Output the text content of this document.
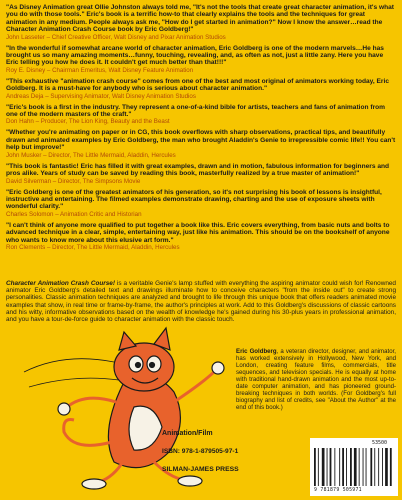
"As Disney Animation great Ollie Johnston always told me, "It's not the tools that create great character animation, it's what you do with those tools." Eric's book is a terrific how-to that clearly explains the tools and the techniques for great animation in any medium. People always ask me, "How do I get started in animation?" Now I know the answer…read the Character Animation Crash Course book by Eric Goldberg!"

John Lasseter – Chief Creative Officer, Walt Disney and Pixar Animation Studios

"In the wonderful if somewhat arcane world of character animation, Eric Goldberg is one of the modern marvels…He has brought us so many amazing moments…funny, touching, revealing, and, as often as not, just a little zany. Here you have Eric telling you how he does it. It couldn't get much better than that!!!"

Roy E. Disney – Chairman Emeritus, Walt Disney Feature Animation

"This exhaustive "animation crash course" comes from one of the best and most original of animators working today, Eric Goldberg. It is a must-have for anybody who is serious about character animation."

Andreas Deja – Supervising Animator, Walt Disney Animation Studios

"Eric's book is a first in the industry. They represent a one-of-a-kind bible for artists, teachers and fans of animation from one of the modern masters of the craft."

Don Hahn – Producer, The Lion King, Beauty and the Beast

"Whether you're animating on paper or in CG, this book overflows with sharp observations, practical tips, and beautifully drawn and animated examples by Eric Goldberg, the man who brought Aladdin's Genie to irrepressible comic life!! You can't help but improve!"

John Musker – Director, The Little Mermaid, Aladdin, Hercules

"This book is fantastic! Eric has filled it with great examples, drawn and in motion, fabulous information for beginners and pros alike. Years of study can be saved by reading this book, masterfully realized by a true master of animation!"

David Silverman – Director, The Simpsons Movie

"Eric Goldberg is one of the greatest animators of his generation, so it's not surprising his book of lessons is insightful, instructive and entertaining. The filmed examples demonstrate drawing, charting and the use of exposure sheets with wonderful clarity."

Charles Solomon – Animation Critic and Historian

"I can't think of anyone more qualified to put together a book like this. Eric covers everything, from basic nuts and bolts to advanced technique in a clear, simple, entertaining way, just like his animation. This should be on the bookshelf of anyone who wants to know more about this elusive art form."

Ron Clements – Director, The Little Mermaid, Aladdin, Hercules

Character Animation Crash Course! is a veritable Genie's lamp stuffed with everything the aspiring animator could wish for! Renowned animator Eric Goldberg's detailed text and drawings illuminate how to conceive characters "from the inside out" to create strong personalities. Classic animation techniques are analyzed and brought to life through this unique book that offers readers animated movie examples that show, in real time or frame-by-frame, the author's principles at work. Add to this Goldberg's discussions of classic cartoons and his witty, informative observations based on the wealth of knowledge he's gained during his 30-plus years in professional animation, and you have a tour-de-force guide to character animation with the classic touch.

Eric Goldberg, a veteran director, designer, and animator, has worked extensively in Hollywood, New York, and London, creating feature films, commercials, title sequences, and television specials. He is equally at home with traditional hand-drawn animation and the most up-to-date computer animation, and has pioneered ground-breaking techniques in both worlds. (For Goldberg's full biography and list of credits, see "About the Author" at the end of this book.)
Animation/Film
ISBN: 978-1-879505-97-1
SILMAN-JAMES PRESS
53500
9 781879 505971
